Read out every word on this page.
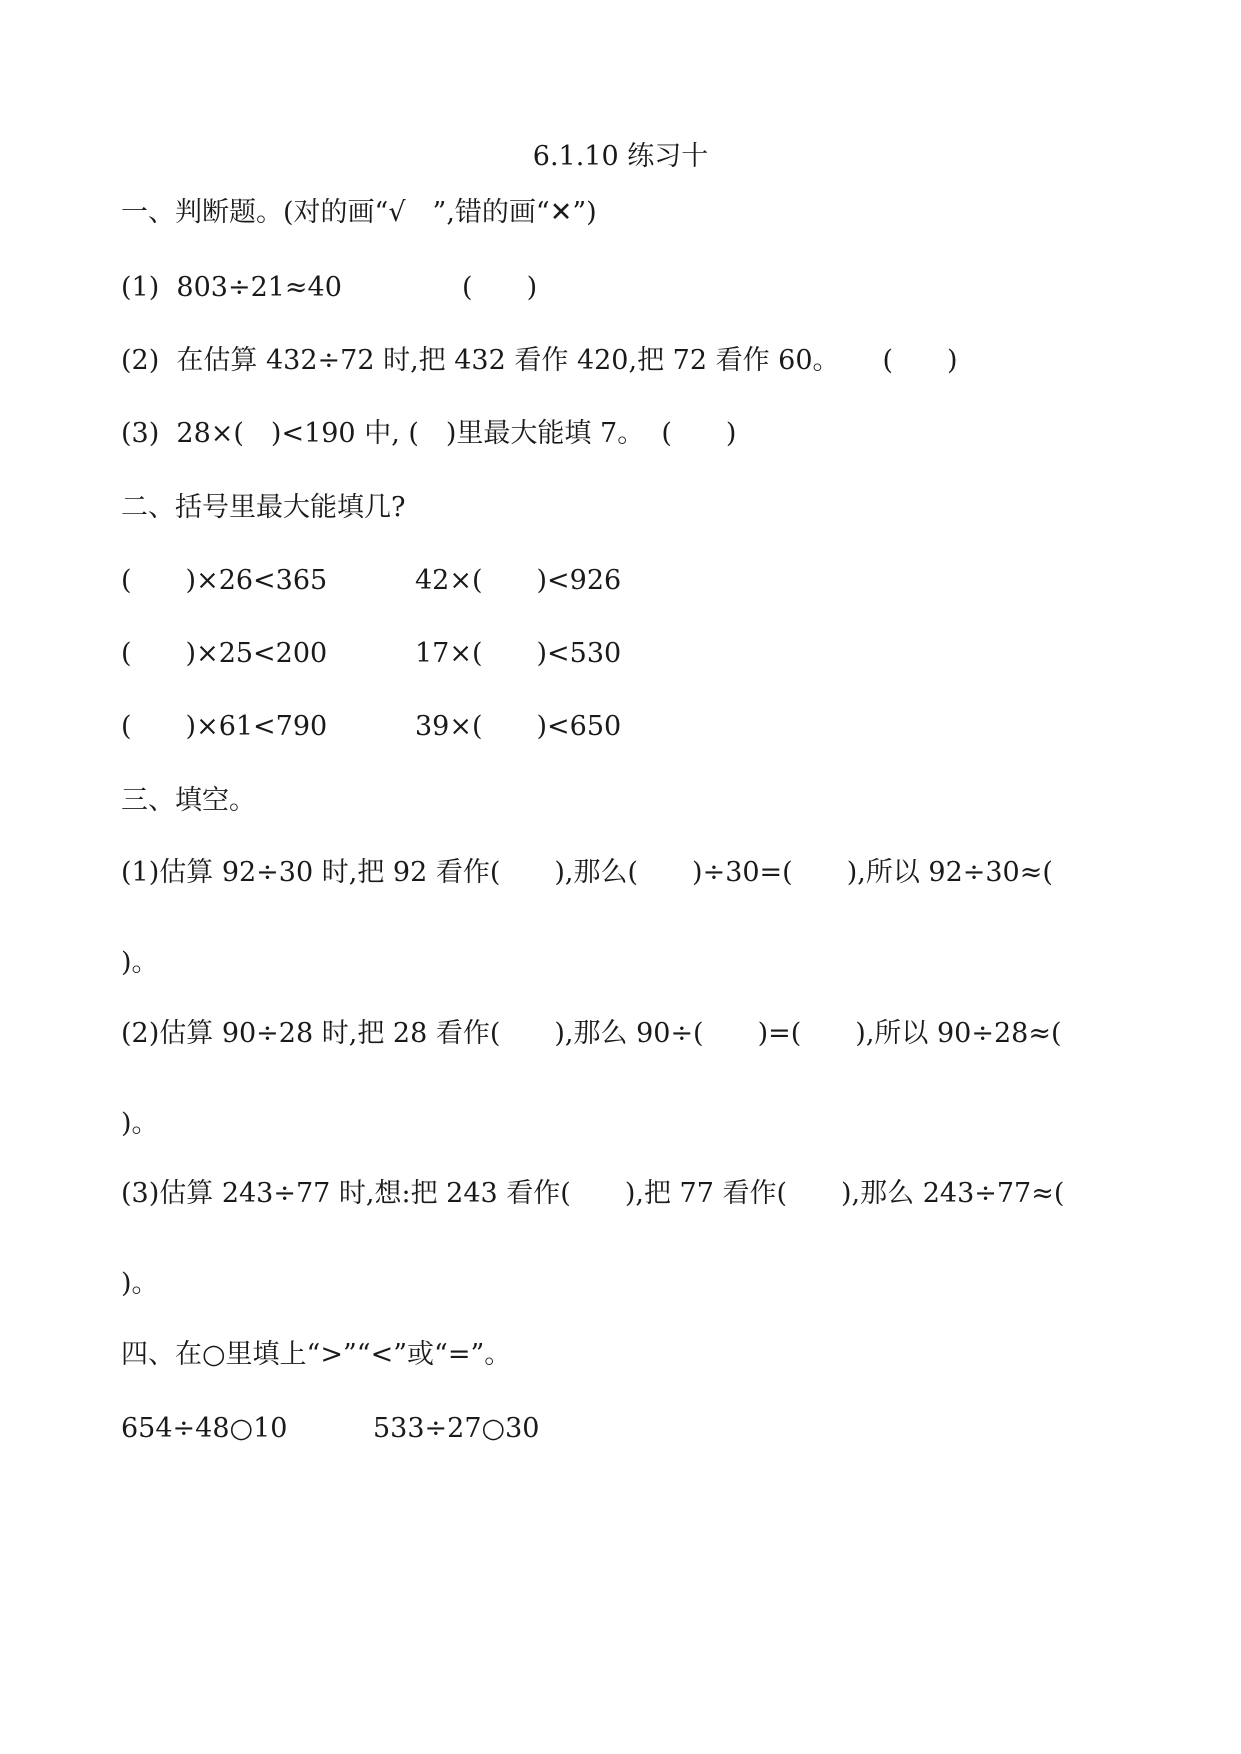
6.1.10 练习十
一、判断题。(对的画“√　”,错的画“✕”)
(1)  803÷21≈40              (　　)
(2)  在估算 432÷72 时,把 432 看作 420,把 72 看作 60。     (　　)
(3)  28×(　)<190 中, (　)里最大能填 7。  (　　)
二、括号里最大能填几?
(　　)×26<365	42×(　　)<926
(　　)×25<200	17×(　　)<530
(　　)×61<790	39×(　　)<650
三、填空。
(1)估算 92÷30 时,把 92 看作(　　),那么(　　)÷30=(　　),所以 92÷30≈(
)。
(2)估算 90÷28 时,把 28 看作(　　),那么 90÷(　　)=(　　),所以 90÷28≈(
)。
(3)估算 243÷77 时,想:把 243 看作(　　),把 77 看作(　　),那么 243÷77≈(
)。
四、在○里填上“>”“<”或“=”。
654÷48○10	533÷27○30
